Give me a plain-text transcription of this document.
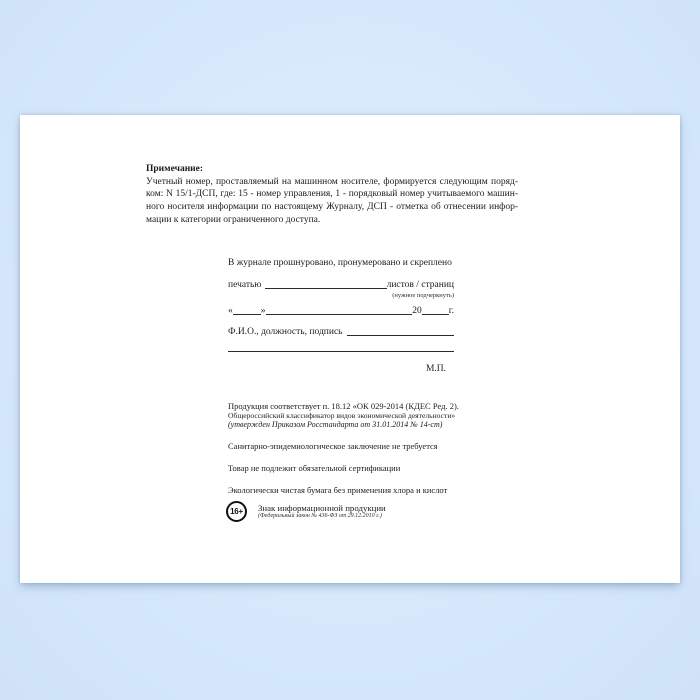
Примечание:
Учетный номер, проставляемый на машинном носителе, формируется следующим поряд-
ком: N 15/1-ДСП, где: 15 - номер управления, 1 - порядковый номер учитываемого машин-
ного носителя информации по настоящему Журналу, ДСП - отметка об отнесении инфор-
мации к категории ограниченного доступа.
В журнале прошнуровано, пронумеровано и скреплено
печатью	листов / страниц
(нужное подчеркнуть)
«	»	20	г.
Ф.И.О., должность, подпись
М.П.
Продукция соответствует п. 18.12 «ОК 029-2014 (КДЕС Ред. 2).
Общероссийский классификатор видов экономической деятельности»
(утвержден Приказом Росстандарта от 31.01.2014 № 14-ст)
Санитарно-эпидемиологическое заключение не требуется
Товар не подлежит обязательной сертификации
Экологически чистая бумага без применения хлора и кислот
16+	Знак информационной продукции
(Федеральный закон № 436-ФЗ от 29.12.2010 г.)
